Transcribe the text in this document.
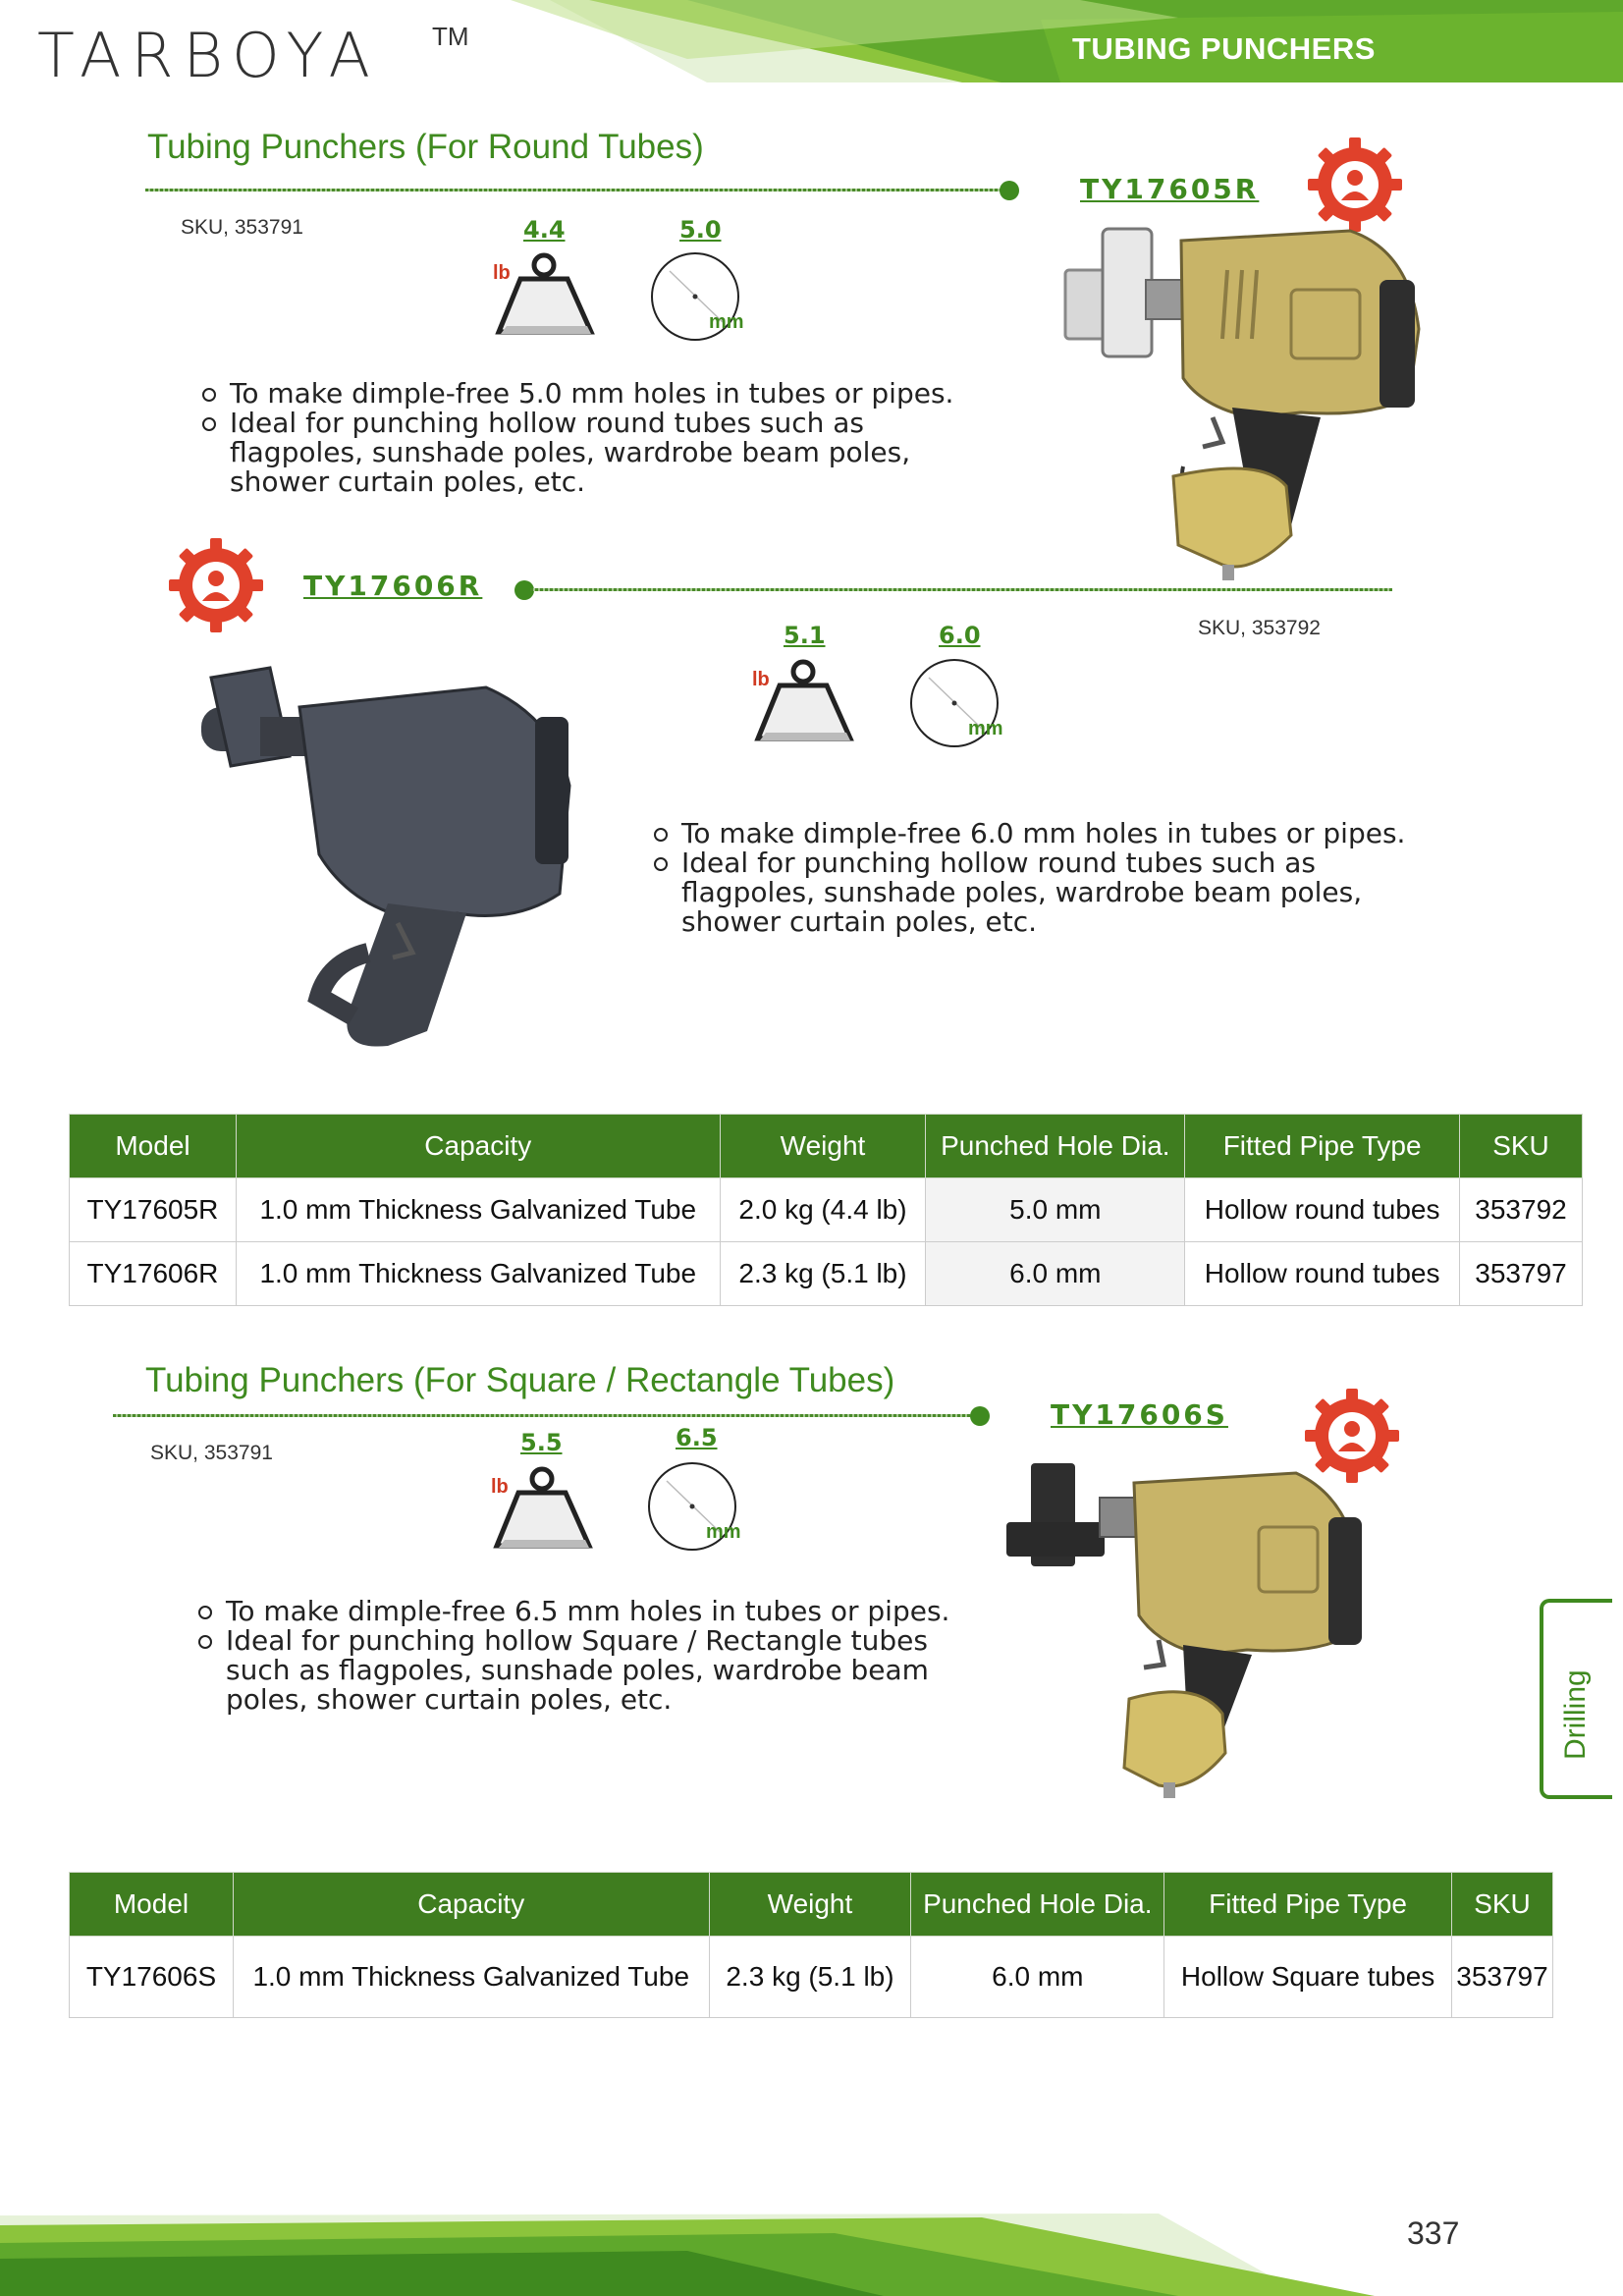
TARBOYA TM	TUBING PUNCHERS
Tubing Punchers (For Round Tubes)
TY17605R
SKU, 353791	4.4	5.0
lb
mm
To make dimple-free 5.0 mm holes in tubes or pipes.
Ideal for punching hollow round tubes such as flagpoles, sunshade poles, wardrobe beam poles, shower curtain poles, etc.
TY17606R
SKU, 353792
5.1	6.0
lb
mm
To make dimple-free 6.0 mm holes in tubes or pipes.
Ideal for punching hollow round tubes such as flagpoles, sunshade poles, wardrobe beam poles, shower curtain poles, etc.
Model	Capacity	Weight	Punched Hole Dia.	Fitted Pipe Type	SKU
TY17605R	1.0 mm Thickness Galvanized Tube	2.0 kg (4.4 lb)	5.0 mm	Hollow round tubes	353792
TY17606R	1.0 mm Thickness Galvanized Tube	2.3 kg (5.1 lb)	6.0 mm	Hollow round tubes	353797
Tubing Punchers (For Square / Rectangle Tubes)
TY17606S
SKU, 353791	5.5	6.5
lb
mm
To make dimple-free 6.5 mm holes in tubes or pipes.
Ideal for punching hollow Square / Rectangle tubes such as flagpoles, sunshade poles, wardrobe beam poles, shower curtain poles, etc.
Model	Capacity	Weight	Punched Hole Dia.	Fitted Pipe Type	SKU
TY17606S	1.0 mm Thickness Galvanized Tube	2.3 kg (5.1 lb)	6.0 mm	Hollow Square tubes	353797
Drilling
337
